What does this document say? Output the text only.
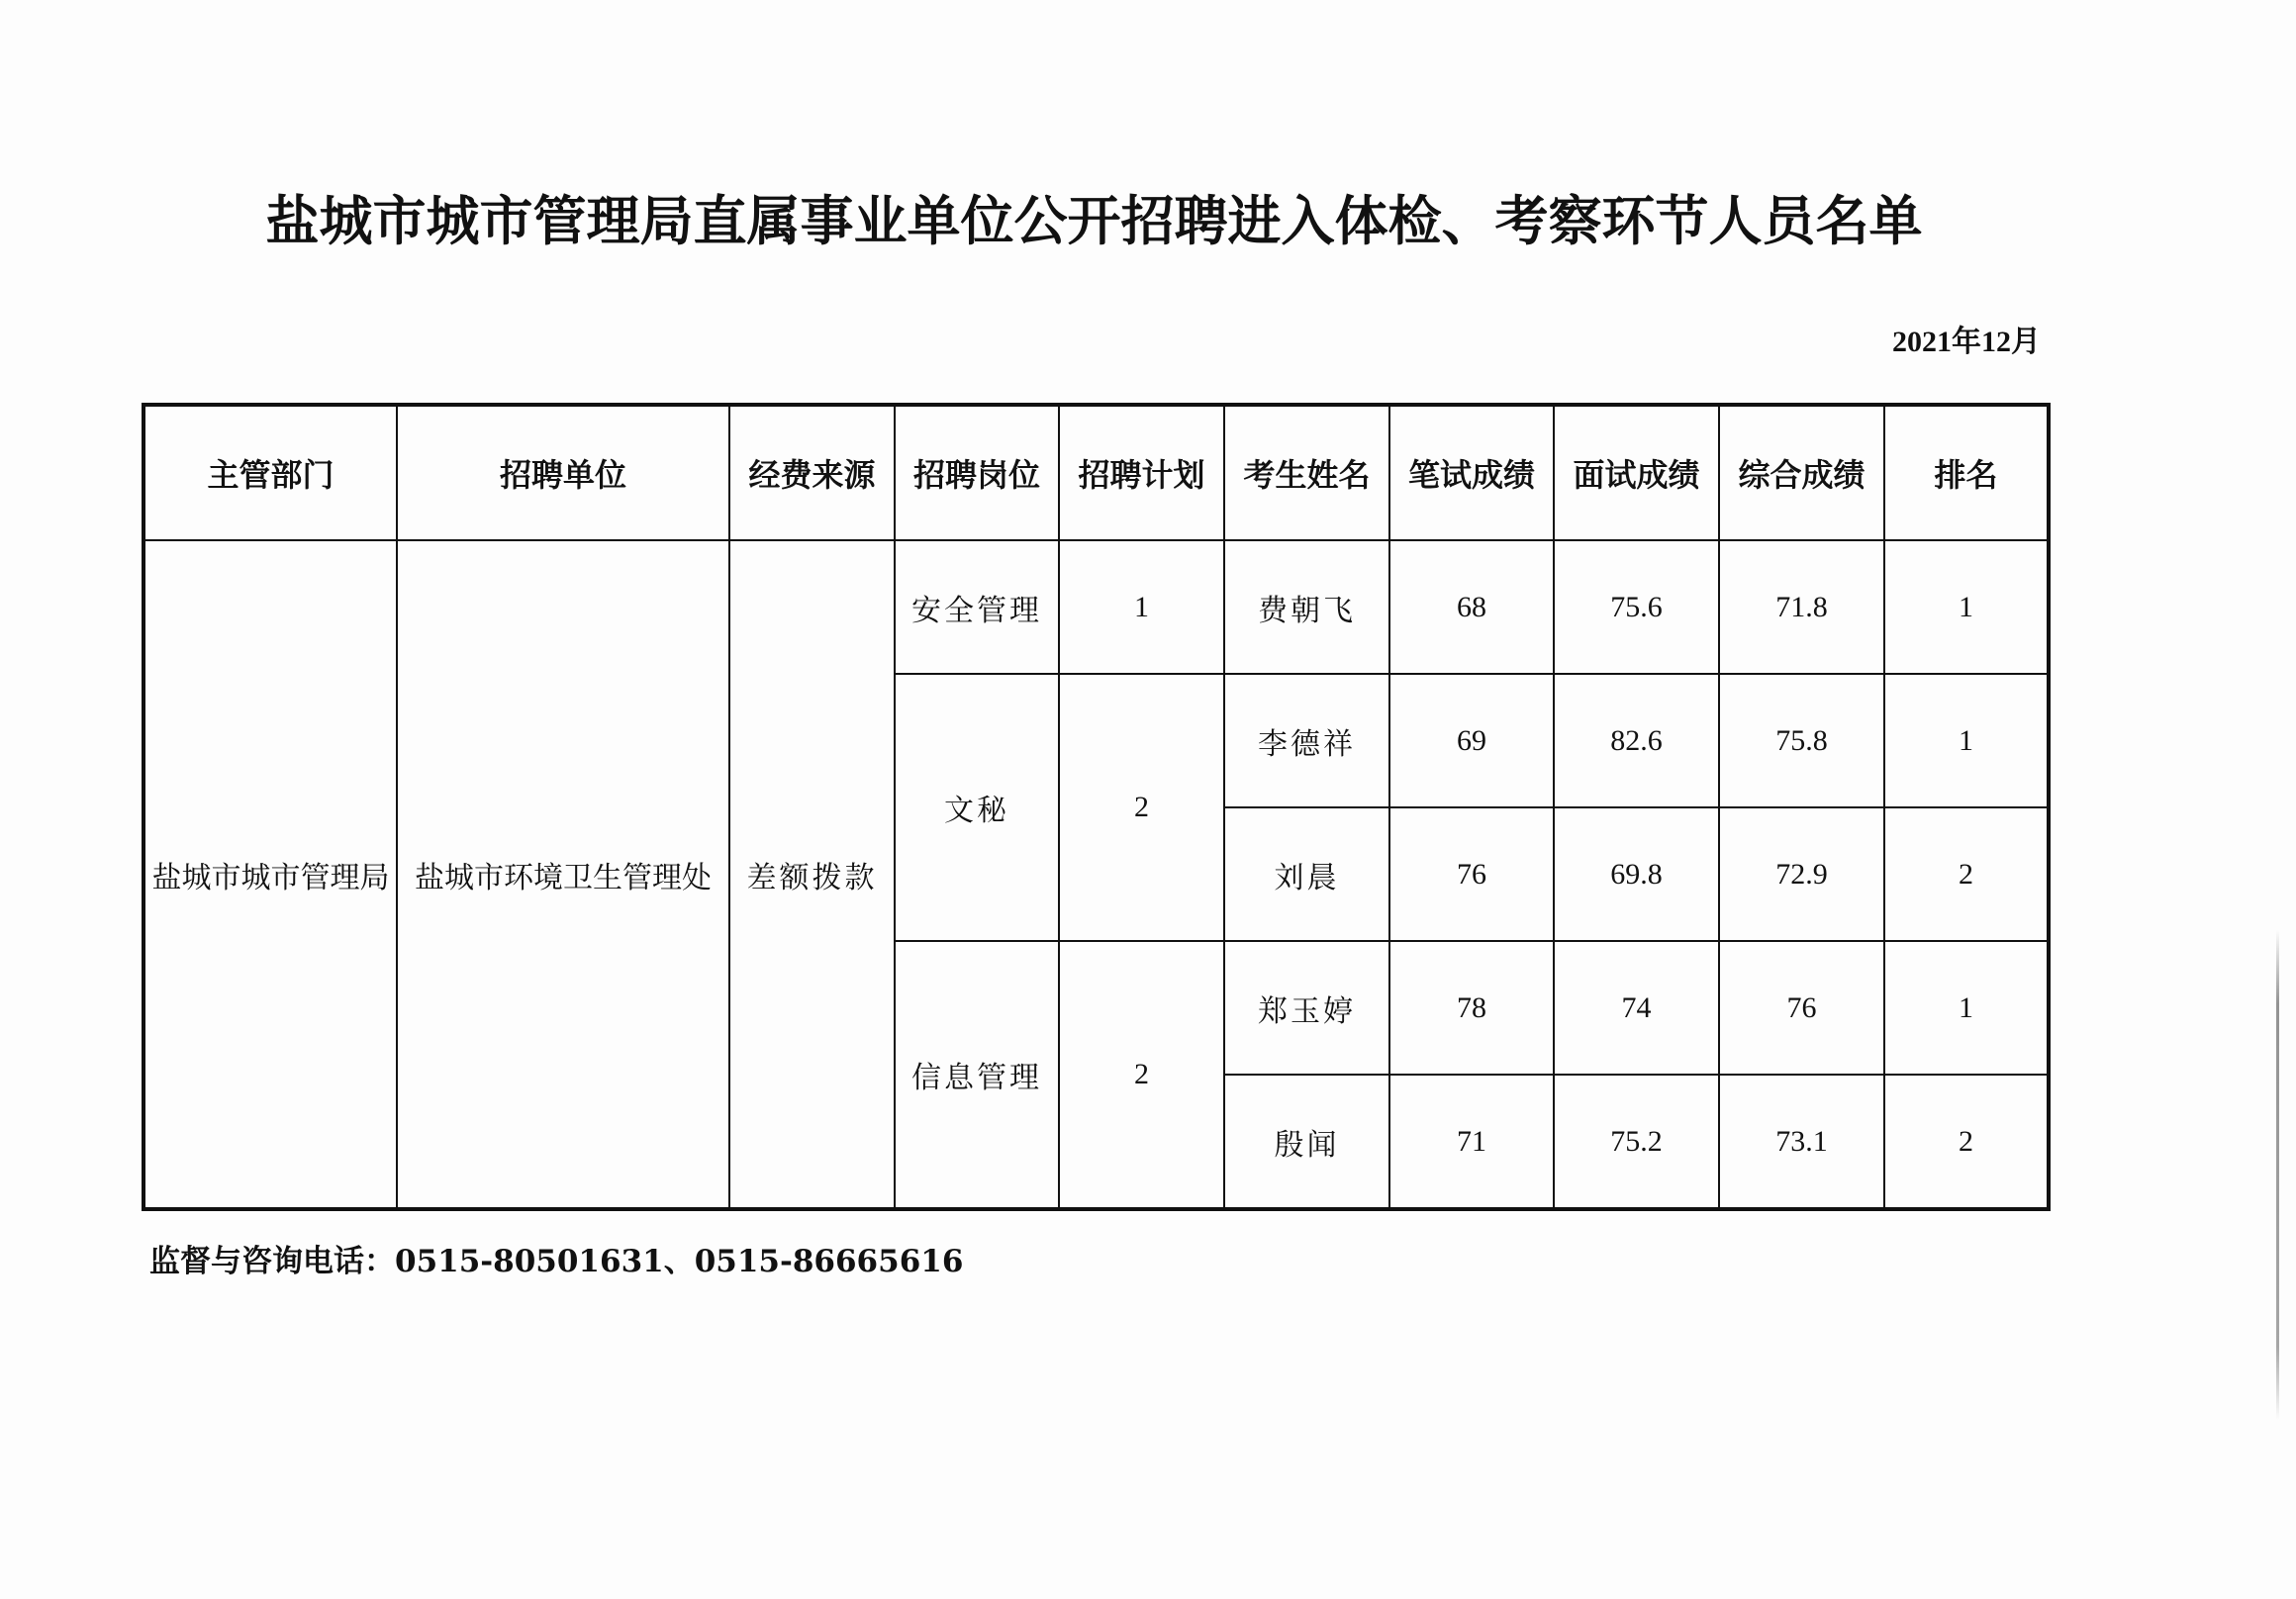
盐城市城市管理局直属事业单位公开招聘进入体检、考察环节人员名单
2021年12月
主管部门	招聘单位	经费来源	招聘岗位	招聘计划	考生姓名	笔试成绩	面试成绩	综合成绩	排名
盐城市城市管理局	盐城市环境卫生管理处	差额拨款	安全管理	1	费朝飞	68	75.6	71.8	1
			文秘	2	李德祥	69	82.6	75.8	1
					刘晨	76	69.8	72.9	2
			信息管理	2	郑玉婷	78	74	76	1
					殷闻	71	75.2	73.1	2
监督与咨询电话：0515-80501631、0515-86665616
